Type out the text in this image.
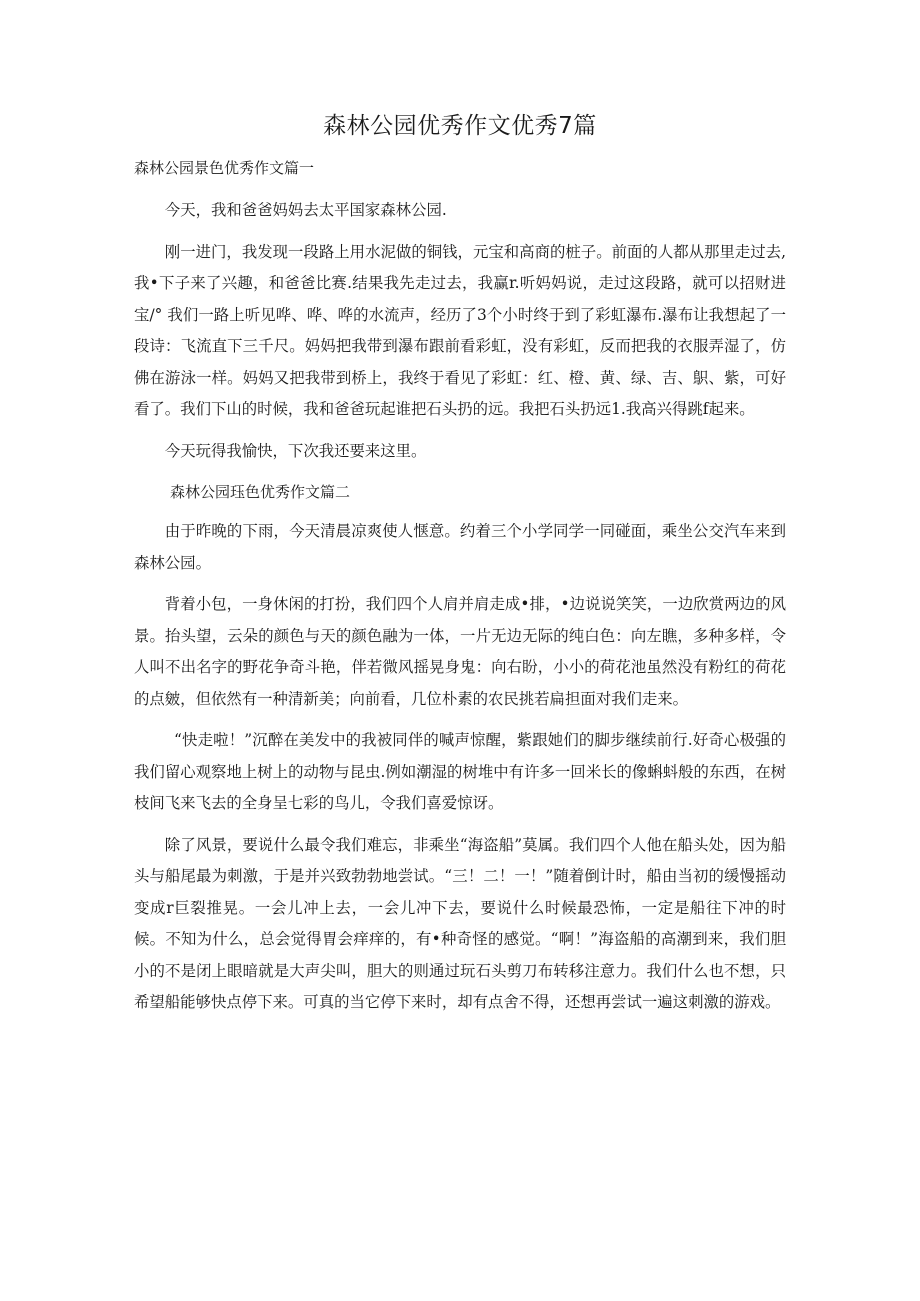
森林公园优秀作文优秀7篇
森林公园景色优秀作文篇一

今天，我和爸爸妈妈去太平国家森林公园.

刚一进门，我发现一段路上用水泥做的铜钱，元宝和高商的桩子。前面的人都从那里走过去,我•下子来了兴趣，和爸爸比赛.结果我先走过去，我赢r.听妈妈说，走过这段路，就可以招财进宝/° 我们一路上听见哗、哗、哗的水流声，经历了3个小时终于到了彩虹瀑布.瀑布让我想起了一段诗：飞流直下三千尺。妈妈把我带到瀑布跟前看彩虹，没有彩虹，反而把我的衣服弄湿了，仿佛在游泳一样。妈妈又把我带到桥上，我终于看见了彩虹：红、橙、黄、绿、吉、䳅、紫，可好看了。我们下山的时候，我和爸爸玩起谁把石头扔的远。我把石头扔远1.我高兴得跳f起来。

今天玩得我愉快，下次我还要来这里。

森林公园珏色优秀作文篇二

由于昨晚的下雨，今天清晨凉爽使人惬意。约着三个小学同学一同碰面，乘坐公交汽车来到森林公园。

背着小包，一身休闲的打扮，我们四个人肩并肩走成•排，•边说说笑笑，一边欣赏两边的风景。抬头望，云朵的颜色与天的颜色融为一体，一片无边无际的纯白色：向左瞧，多种多样，令人叫不出名字的野花争奇斗艳，伴若微风摇晃身鬼：向右盼，小小的荷花池虽然没有粉红的荷花的点皴，但依然有一种清新美；向前看，几位朴素的农民挑若扁担面对我们走来。

“快走啦！”沉醉在美发中的我被同伴的喊声惊醒，紫跟她们的脚步继续前行.好奇心极强的我们留心观察地上树上的动物与昆虫.例如潮湿的树堆中有许多一回米长的像蝌蚪般的东西，在树枝间飞来飞去的全身呈七彩的鸟儿，令我们喜爱惊讶。

除了风景，要说什么最令我们难忘，非乘坐“海盗船”莫属。我们四个人他在船头处，因为船头与船尾最为刺激，于是并兴致勃勃地尝试。“三！二！一！”随着倒计时，船由当初的缓慢摇动变成r巨裂推晃。一会儿冲上去，一会儿冲下去，要说什么时候最恐怖，一定是船往下冲的时候。不知为什么，总会觉得胃会痒痒的，有•种奇怪的感觉。“啊！”海盗船的高潮到来，我们胆小的不是闭上眼暗就是大声尖叫，胆大的则通过玩石头剪刀布转移注意力。我们什么也不想，只希望船能够快点停下来。可真的当它停下来时，却有点舍不得，还想再尝试一遍这刺激的游戏。
